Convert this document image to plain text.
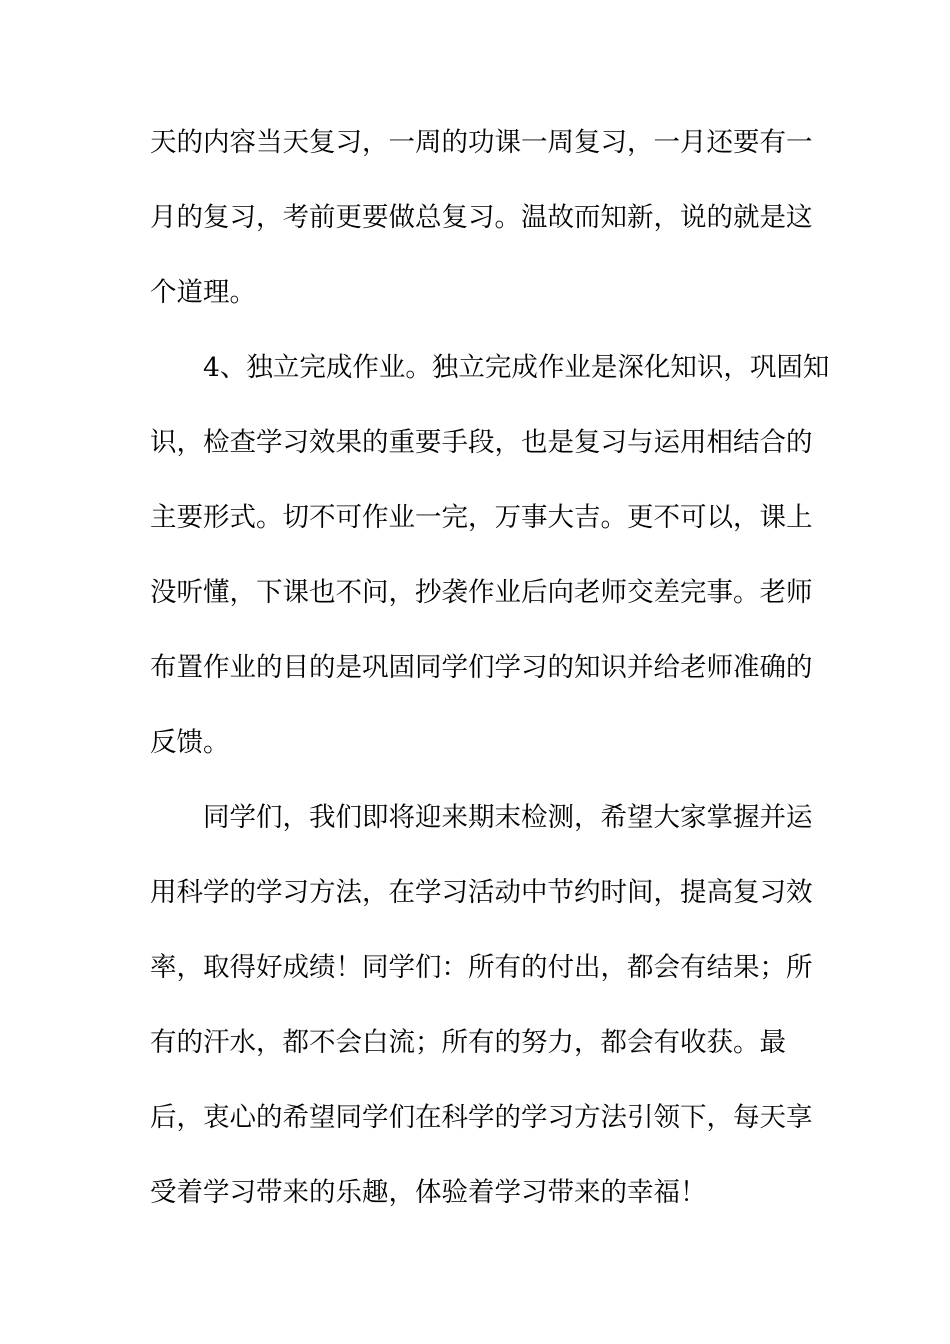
天的内容当天复习，一周的功课一周复习，一月还要有一
月的复习，考前更要做总复习。温故而知新，说的就是这
个道理。
4、独立完成作业。独立完成作业是深化知识，巩固知
识，检查学习效果的重要手段，也是复习与运用相结合的
主要形式。切不可作业一完，万事大吉。更不可以，课上
没听懂，下课也不问，抄袭作业后向老师交差完事。老师
布置作业的目的是巩固同学们学习的知识并给老师准确的
反馈。
同学们，我们即将迎来期末检测，希望大家掌握并运
用科学的学习方法，在学习活动中节约时间，提高复习效
率，取得好成绩！同学们：所有的付出，都会有结果；所
有的汗水，都不会白流；所有的努力，都会有收获。最
后，衷心的希望同学们在科学的学习方法引领下，每天享
受着学习带来的乐趣，体验着学习带来的幸福！
